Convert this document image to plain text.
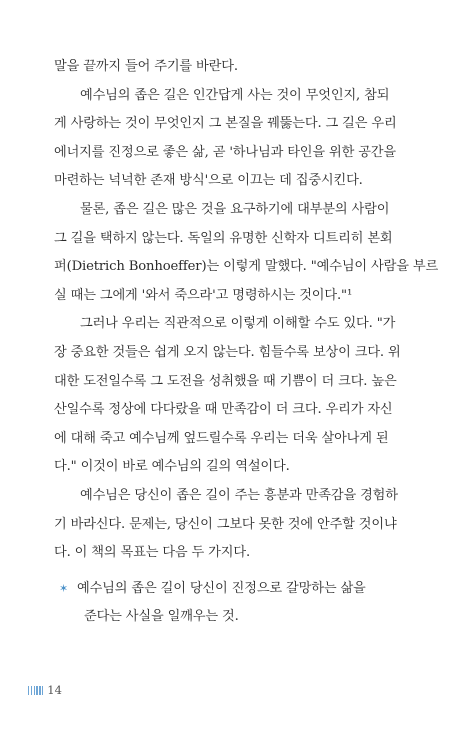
말을 끝까지 들어 주기를 바란다.
예수님의 좁은 길은 인간답게 사는 것이 무엇인지, 참되
게 사랑하는 것이 무엇인지 그 본질을 꿰뚫는다. 그 길은 우리
에너지를 진정으로 좋은 삶, 곧 '하나님과 타인을 위한 공간을
마련하는 넉넉한 존재 방식'으로 이끄는 데 집중시킨다.
물론, 좁은 길은 많은 것을 요구하기에 대부분의 사람이
그 길을 택하지 않는다. 독일의 유명한 신학자 디트리히 본회
퍼(Dietrich Bonhoeffer)는 이렇게 말했다. "예수님이 사람을 부르
실 때는 그에게 '와서 죽으라'고 명령하시는 것이다."¹
그러나 우리는 직관적으로 이렇게 이해할 수도 있다. "가
장 중요한 것들은 쉽게 오지 않는다. 힘들수록 보상이 크다. 위
대한 도전일수록 그 도전을 성취했을 때 기쁨이 더 크다. 높은
산일수록 정상에 다다랐을 때 만족감이 더 크다. 우리가 자신
에 대해 죽고 예수님께 엎드릴수록 우리는 더욱 살아나게 된
다." 이것이 바로 예수님의 길의 역설이다.
예수님은 당신이 좁은 길이 주는 흥분과 만족감을 경험하
기 바라신다. 문제는, 당신이 그보다 못한 것에 안주할 것이냐
다. 이 책의 목표는 다음 두 가지다.
✶ 예수님의 좁은 길이 당신이 진정으로 갈망하는 삶을
준다는 사실을 일깨우는 것.
14
